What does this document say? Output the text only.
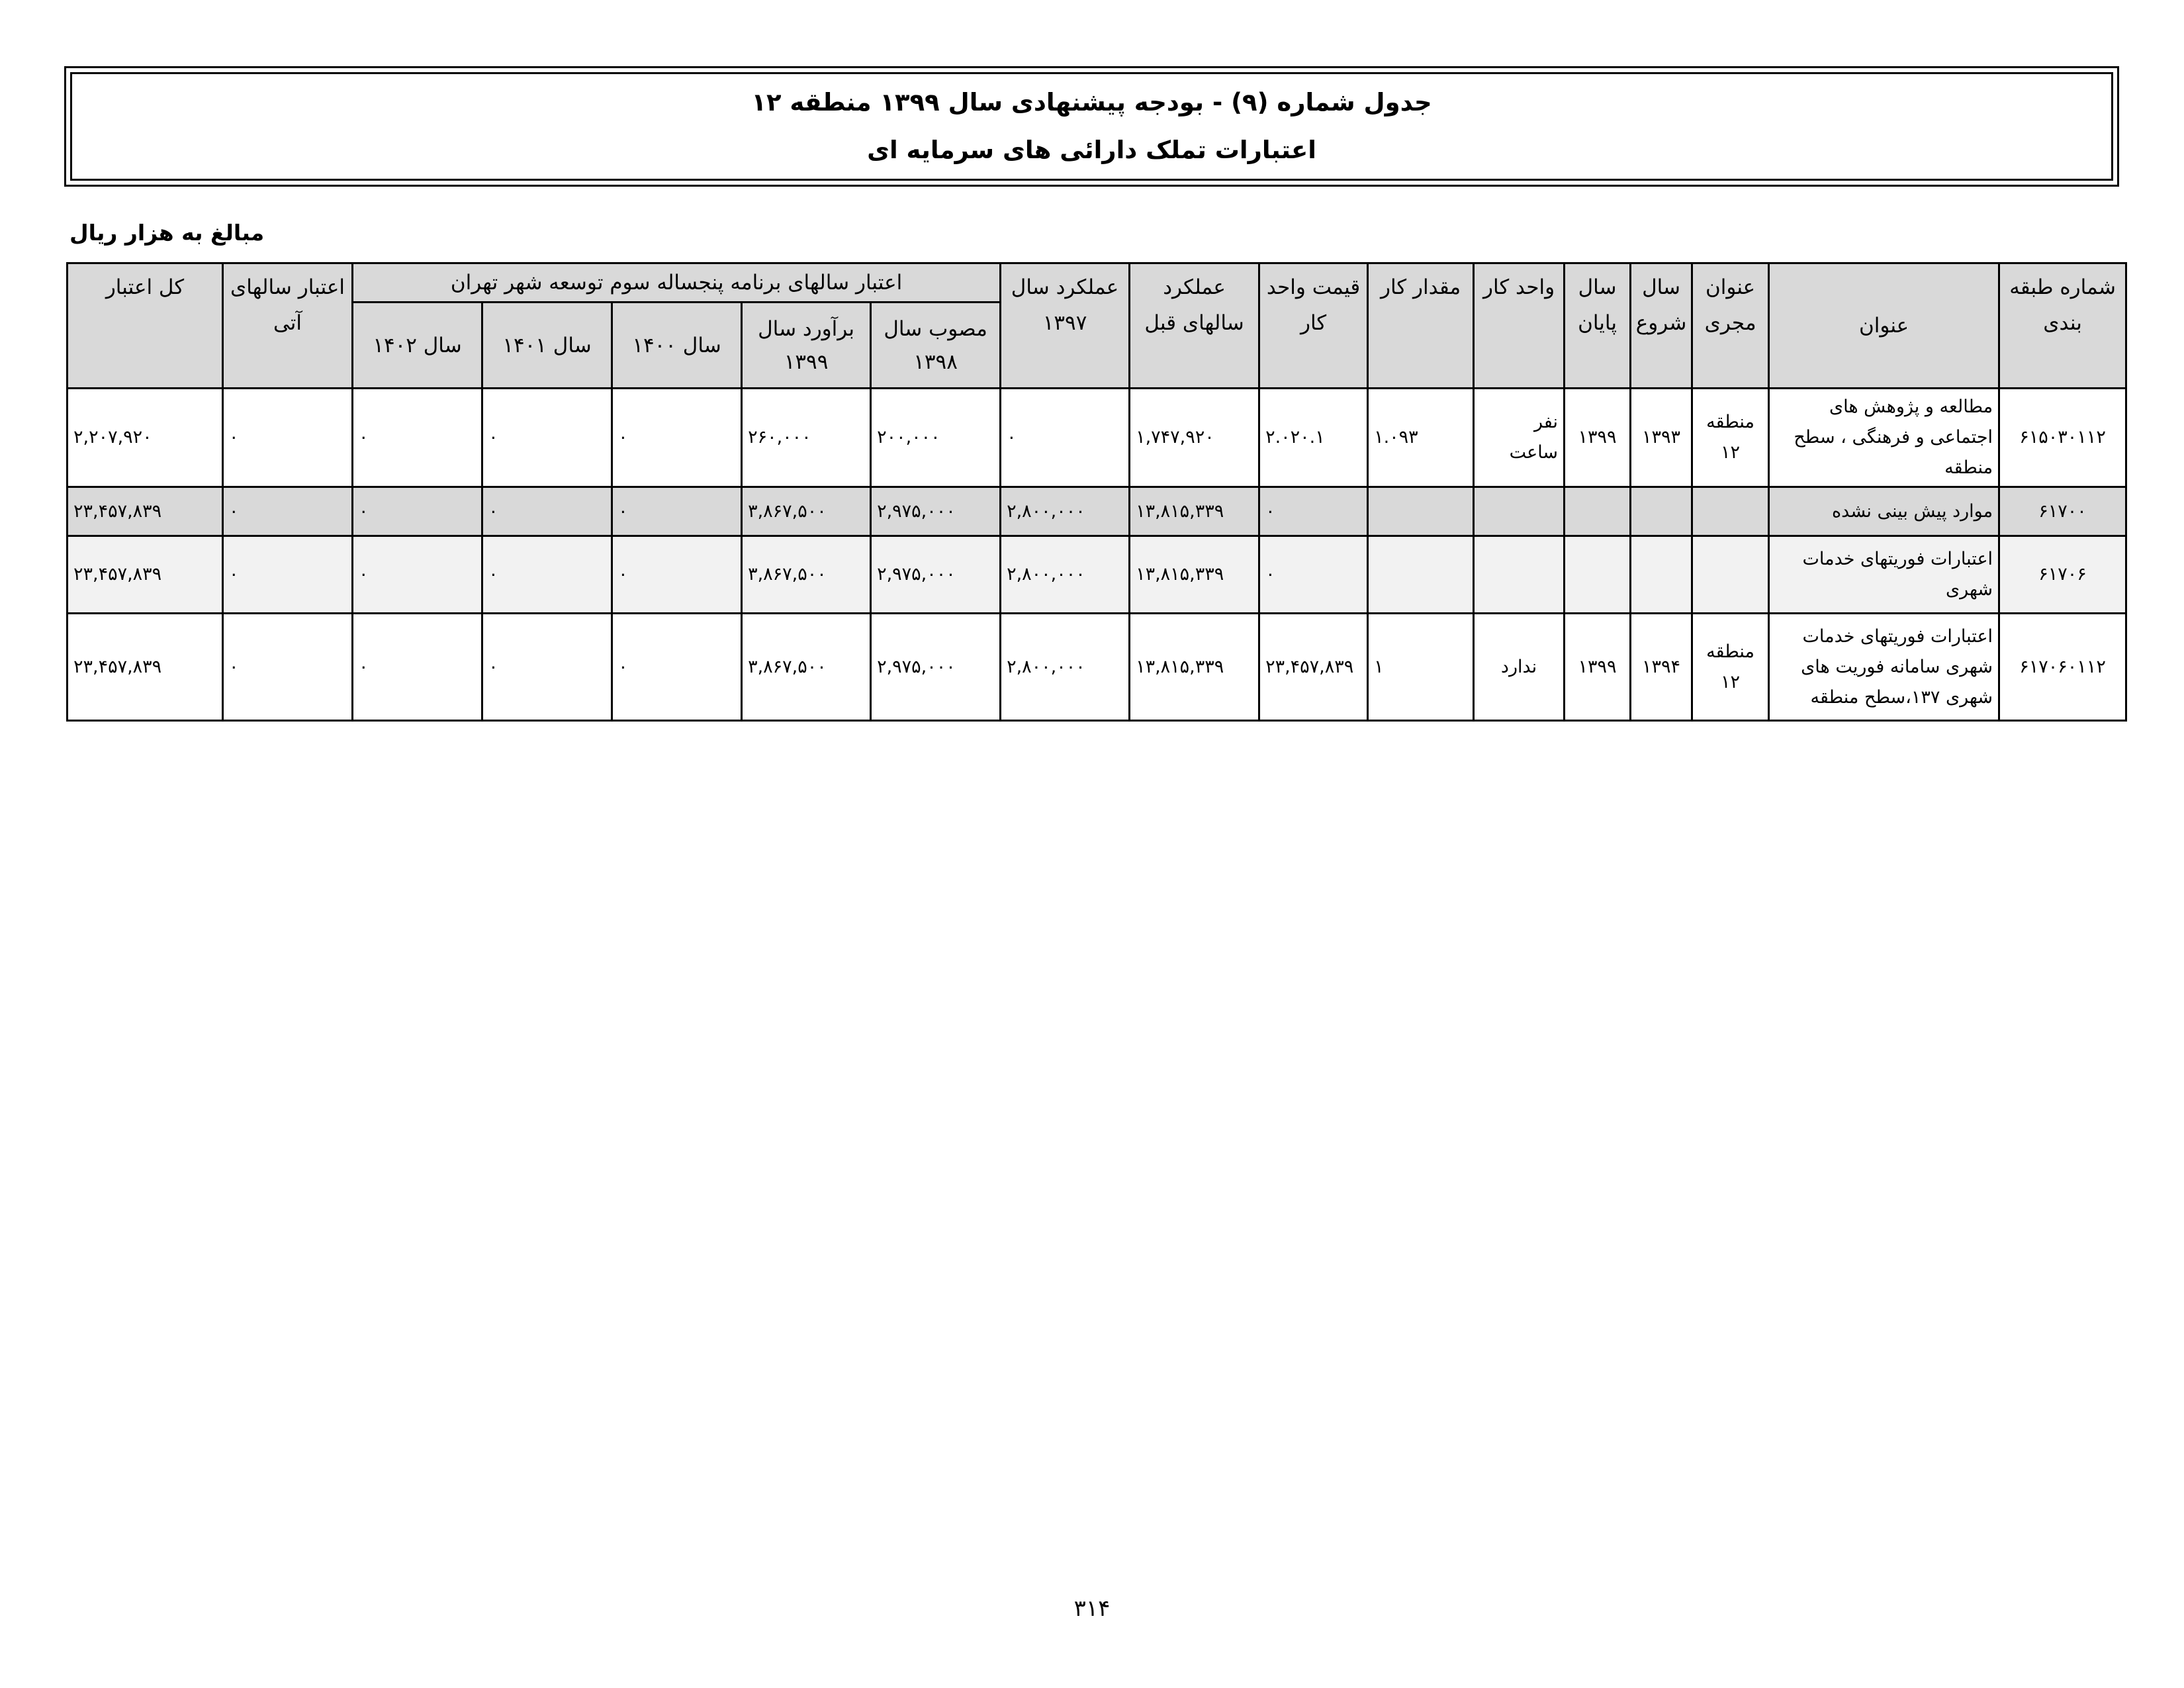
جدول شماره (۹) - بودجه پیشنهادی سال ۱۳۹۹ منطقه ۱۲
اعتبارات تملک دارائی های سرمایه ای
مبالغ به هزار ریال
شماره طبقه بندی	عنوان	عنوان مجری	سال شروع	سال پایان	واحد کار	مقدار کار	قیمت واحد کار	عملکرد سالهای قبل	عملکرد سال ۱۳۹۷	اعتبار سالهای برنامه پنجساله سوم توسعه شهر تهران					اعتبار سالهای آتی	کل اعتبار
										مصوب سال ۱۳۹۸	برآورد سال ۱۳۹۹	سال ۱۴۰۰	سال ۱۴۰۱	سال ۱۴۰۲		
۶۱۵۰۳۰۱۱۲	مطالعه و پژوهش های اجتماعی و فرهنگی ، سطح منطقه	منطقه ۱۲	۱۳۹۳	۱۳۹۹	نفر ساعت	۱.۰۹۳	۲.۰۲۰.۱	۱,۷۴۷,۹۲۰	۰	۲۰۰,۰۰۰	۲۶۰,۰۰۰	۰	۰	۰	۰	۲,۲۰۷,۹۲۰
۶۱۷۰۰	موارد پیش بینی نشده						۰	۱۳,۸۱۵,۳۳۹	۲,۸۰۰,۰۰۰	۲,۹۷۵,۰۰۰	۳,۸۶۷,۵۰۰	۰	۰	۰	۰	۲۳,۴۵۷,۸۳۹
۶۱۷۰۶	اعتبارات فوریتهای خدمات شهری						۰	۱۳,۸۱۵,۳۳۹	۲,۸۰۰,۰۰۰	۲,۹۷۵,۰۰۰	۳,۸۶۷,۵۰۰	۰	۰	۰	۰	۲۳,۴۵۷,۸۳۹
۶۱۷۰۶۰۱۱۲	اعتبارات فوریتهای خدمات شهری سامانه فوریت های شهری ۱۳۷،سطح منطقه	منطقه ۱۲	۱۳۹۴	۱۳۹۹	ندارد	۱	۲۳,۴۵۷,۸۳۹	۱۳,۸۱۵,۳۳۹	۲,۸۰۰,۰۰۰	۲,۹۷۵,۰۰۰	۳,۸۶۷,۵۰۰	۰	۰	۰	۰	۲۳,۴۵۷,۸۳۹
۳۱۴
